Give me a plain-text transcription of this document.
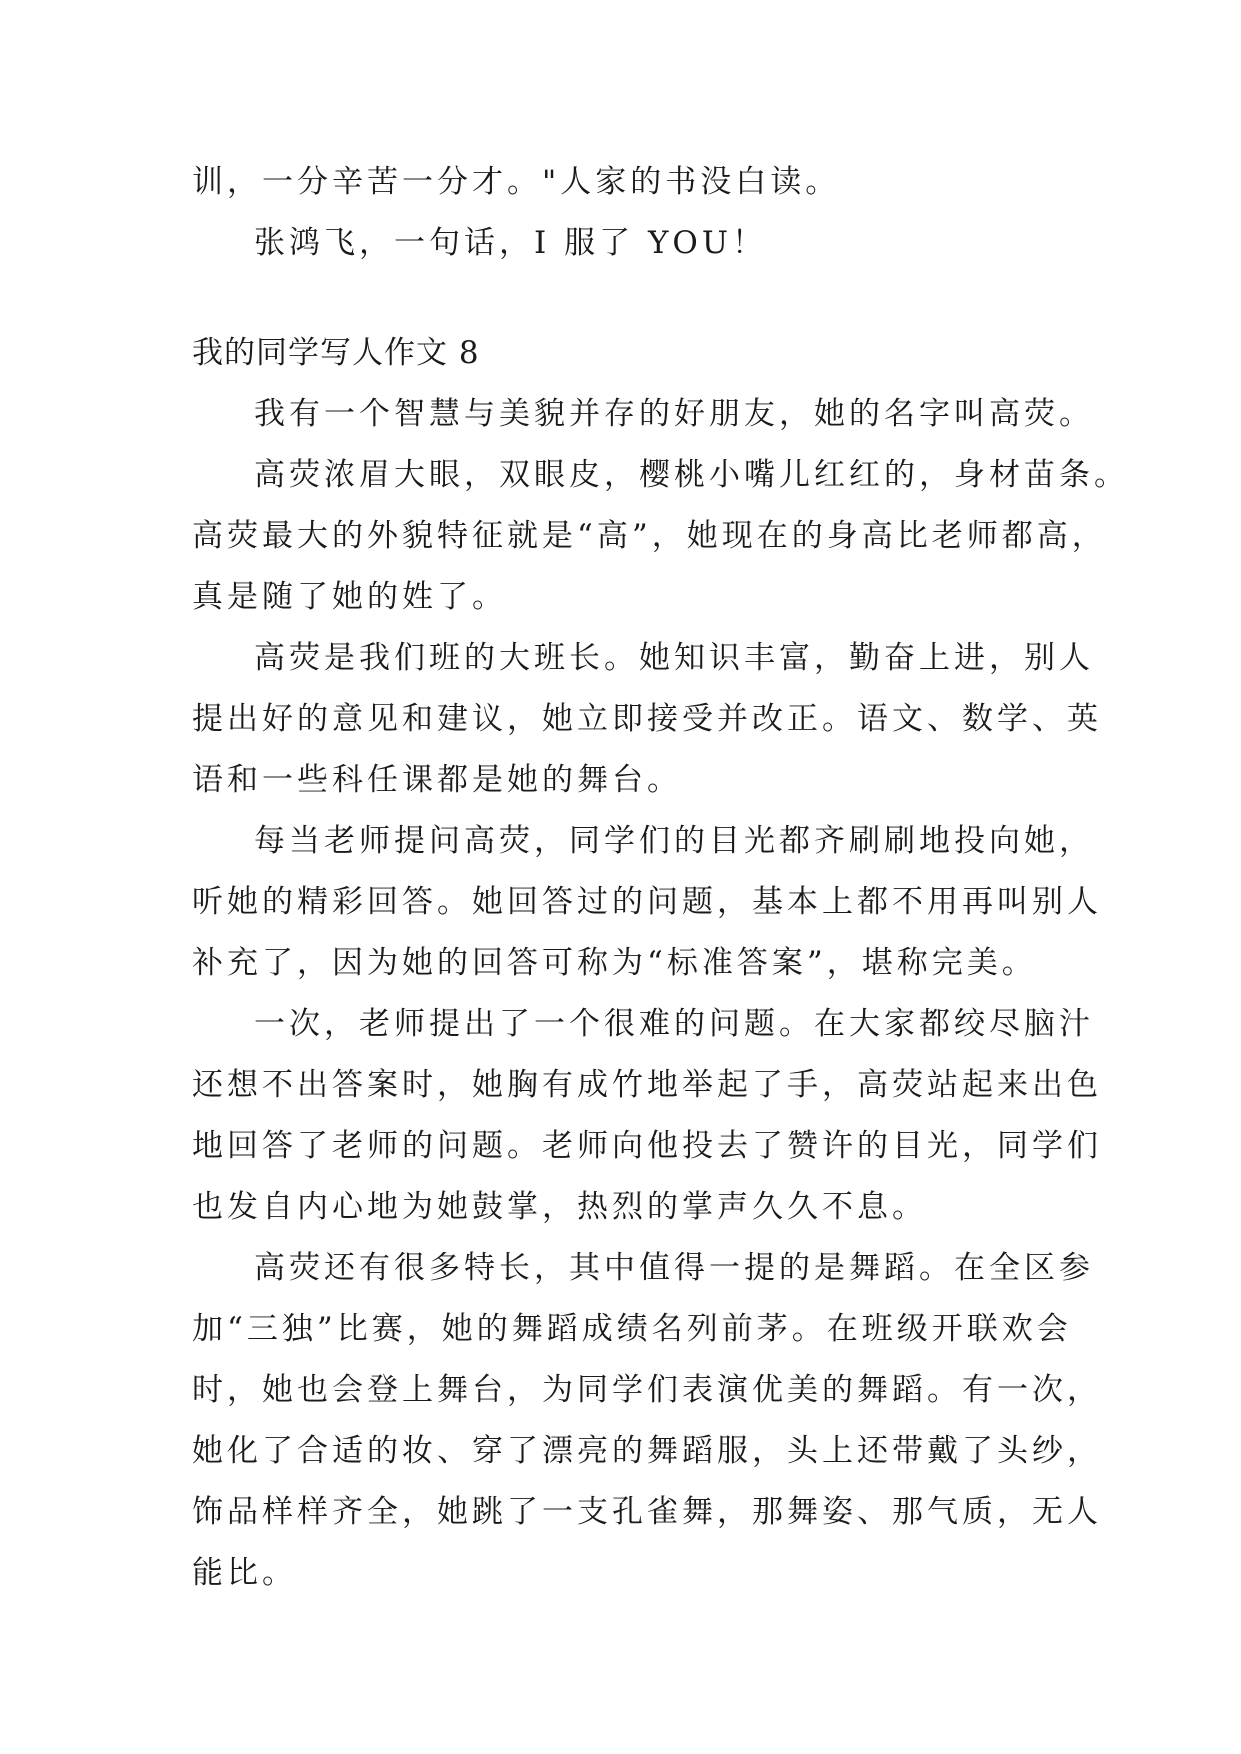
训，一分辛苦一分才。"人家的书没白读。
张鸿飞，一句话，I 服了 YOU！
我的同学写人作文 8
我有一个智慧与美貌并存的好朋友，她的名字叫高荧。
高荧浓眉大眼，双眼皮，樱桃小嘴儿红红的，身材苗条。
高荧最大的外貌特征就是“高”，她现在的身高比老师都高，
真是随了她的姓了。
高荧是我们班的大班长。她知识丰富，勤奋上进，别人
提出好的意见和建议，她立即接受并改正。语文、数学、英
语和一些科任课都是她的舞台。
每当老师提问高荧，同学们的目光都齐刷刷地投向她，
听她的精彩回答。她回答过的问题，基本上都不用再叫别人
补充了，因为她的回答可称为“标准答案”，堪称完美。
一次，老师提出了一个很难的问题。在大家都绞尽脑汁
还想不出答案时，她胸有成竹地举起了手，高荧站起来出色
地回答了老师的问题。老师向他投去了赞许的目光，同学们
也发自内心地为她鼓掌，热烈的掌声久久不息。
高荧还有很多特长，其中值得一提的是舞蹈。在全区参
加“三独”比赛，她的舞蹈成绩名列前茅。在班级开联欢会
时，她也会登上舞台，为同学们表演优美的舞蹈。有一次，
她化了合适的妆、穿了漂亮的舞蹈服，头上还带戴了头纱，
饰品样样齐全，她跳了一支孔雀舞，那舞姿、那气质，无人
能比。
